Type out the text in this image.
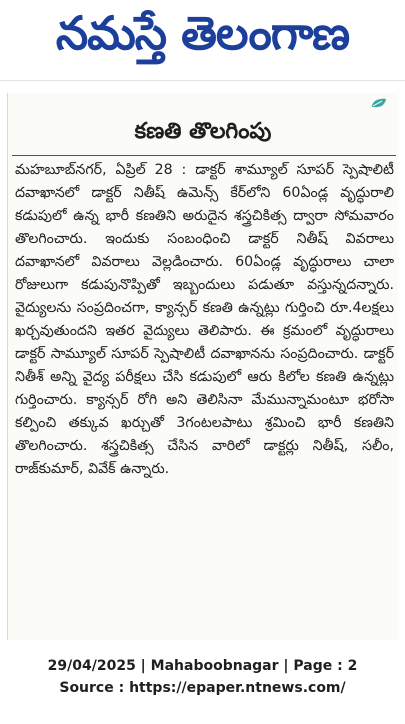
నమస్తే తెలంగాణ
కణతి తొలగింపు
మహబూబ్‌నగర్, ఏప్రిల్ 28 : డాక్టర్ శామ్యూల్ సూపర్ స్పెషాలిటీ దవాఖానలో డాక్టర్ నితీష్ ఉమెన్స్ కేర్‌లోని 60ఏండ్ల వృద్ధురాలి కడుపులో ఉన్న భారీ కణతిని అరుదైన శస్త్రచికిత్స ద్వారా సోమవారం తొలగించారు. ఇందుకు సంబంధించి డాక్టర్ నితీష్ వివరాలు దవాఖానలో వివరాలు వెల్లడించారు. 60ఏండ్ల వృద్ధురాలు చాలా రోజులుగా కడుపునొప్పితో ఇబ్బందులు పడుతూ వస్తున్నదన్నారు. వైద్యులను సంప్రదించగా, క్యాన్సర్ కణతి ఉన్నట్లు గుర్తించి రూ.4లక్షలు ఖర్చవుతుందని ఇతర వైద్యులు తెలిపారు. ఈ క్రమంలో వృద్ధురాలు డాక్టర్ సామ్యూల్ సూపర్ స్పెషాలిటీ దవాఖానను సంప్రదించారు. డాక్టర్ నితీశ్ అన్ని వైద్య పరీక్షలు చేసి కడుపులో ఆరు కిలోల కణతి ఉన్నట్లు గుర్తించారు. క్యాన్సర్ రోగి అని తెలిసినా మేమున్నామంటూ భరోసా కల్పించి తక్కువ ఖర్చుతో 3గంటలపాటు శ్రమించి భారీ కణతిని తొలగించారు. శస్త్రచికిత్స చేసిన వారిలో డాక్టర్లు నితీష్, సలీం, రాజ్‌కుమార్, వివేక్ ఉన్నారు.
29/04/2025 | Mahaboobnagar | Page : 2
Source : https://epaper.ntnews.com/
